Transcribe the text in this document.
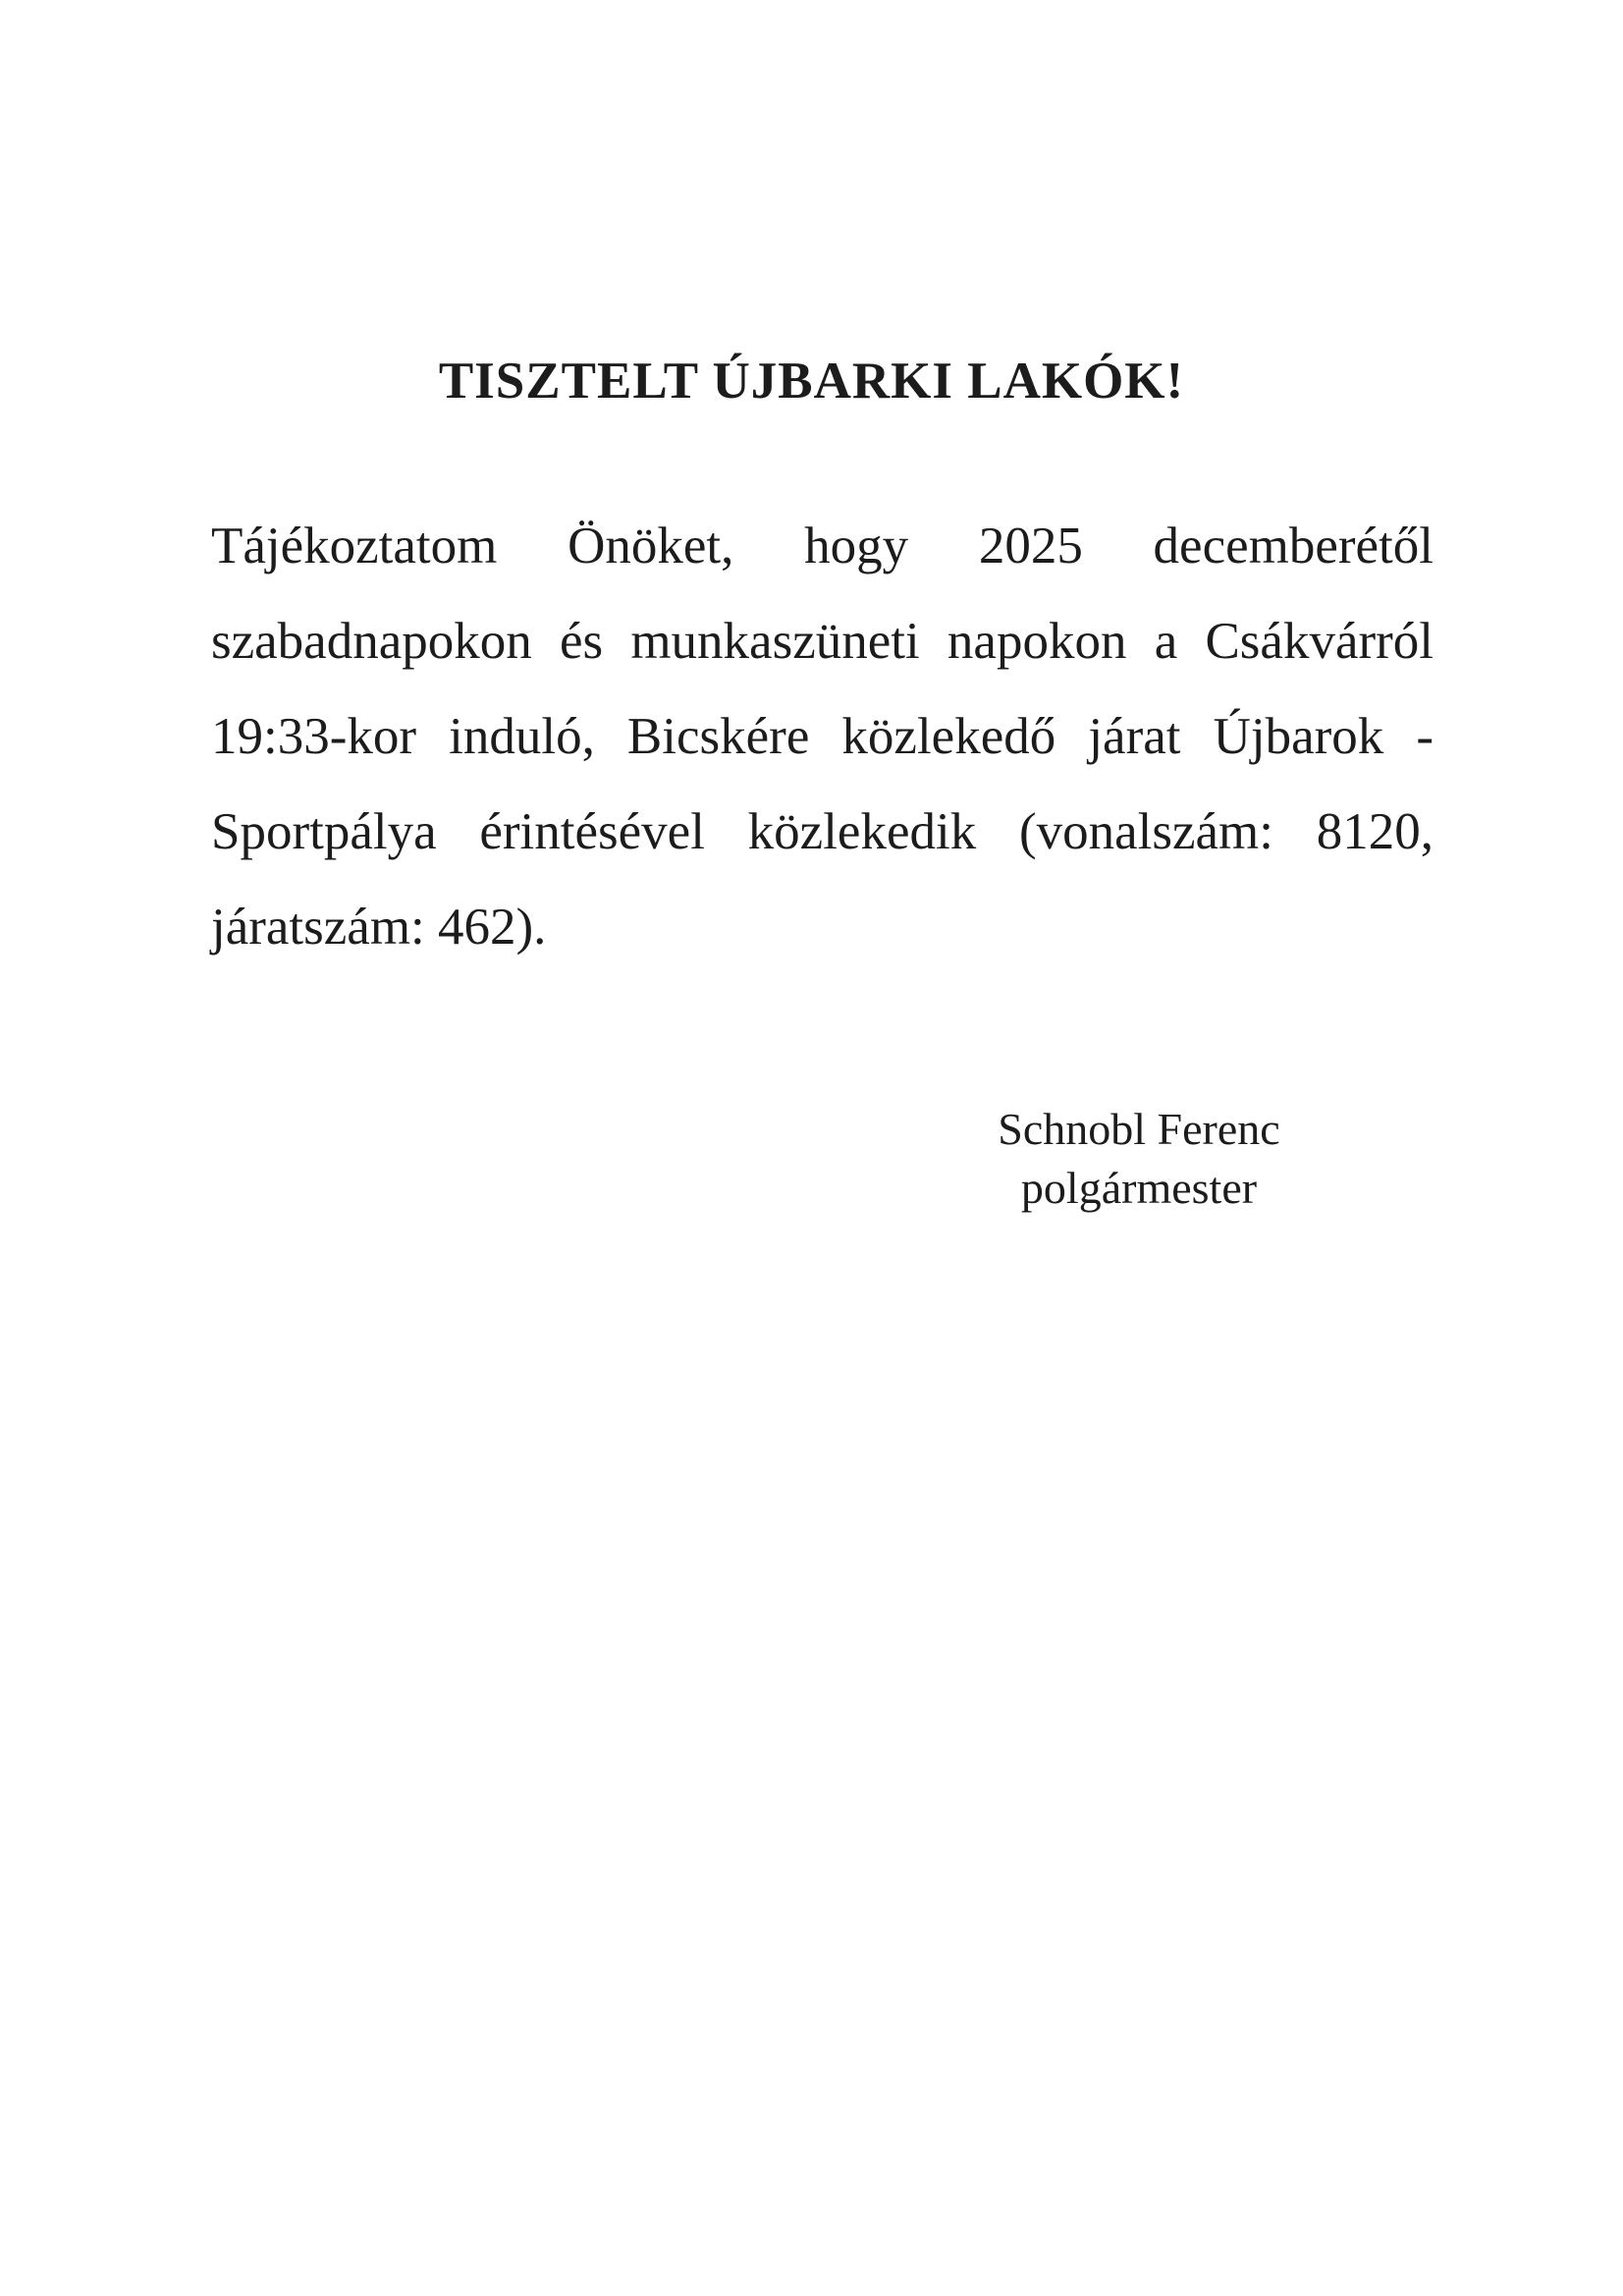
TISZTELT ÚJBARKI LAKÓK!
Tájékoztatom Önöket, hogy 2025 decemberétől
szabadnapokon és munkaszüneti napokon a Csákvárról
19:33-kor induló, Bicskére közlekedő járat Újbarok -
Sportpálya érintésével közlekedik (vonalszám: 8120,
járatszám: 462).
Schnobl Ferenc
polgármester
